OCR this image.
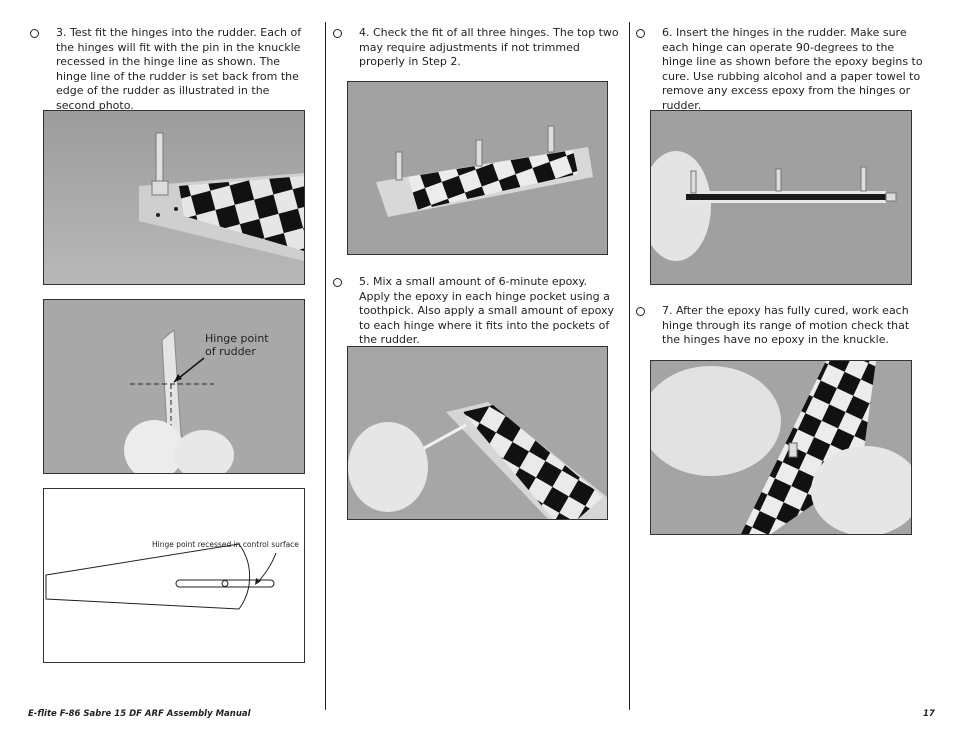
3. Test fit the hinges into the rudder. Each of the hinges will fit with the pin in the knuckle recessed in the hinge line as shown. The hinge line of the rudder is set back from the edge of the rudder as illustrated in the second photo.
Hinge point of rudder
Hinge point recessed in control surface
4. Check the fit of all three hinges. The top two may require adjustments if not trimmed properly in Step 2.
5. Mix a small amount of 6-minute epoxy. Apply the epoxy in each hinge pocket using a toothpick. Also apply a small amount of epoxy to each hinge where it fits into the pockets of the rudder.
6. Insert the hinges in the rudder. Make sure each hinge can operate 90-degrees to the hinge line as shown before the epoxy begins to cure. Use rubbing alcohol and a paper towel to remove any excess epoxy from the hinges or rudder.
7. After the epoxy has fully cured, work each hinge through its range of motion check that the hinges have no epoxy in the knuckle.
E-flite F-86 Sabre 15 DF ARF Assembly Manual	17
